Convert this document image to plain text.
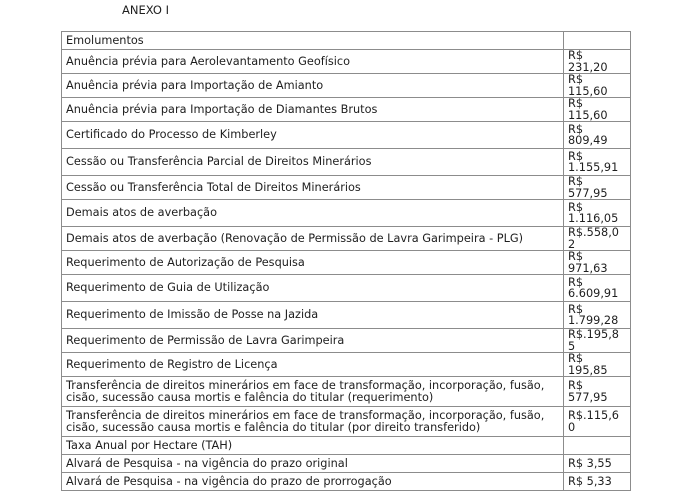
ANEXO I
Emolumentos	
Anuência prévia para Aerolevantamento Geofísico	R$ 231,20
Anuência prévia para Importação de Amianto	R$ 115,60
Anuência prévia para Importação de Diamantes Brutos	R$ 115,60
Certificado do Processo de Kimberley	R$ 809,49
Cessão ou Transferência Parcial de Direitos Minerários	R$ 1.155,91
Cessão ou Transferência Total de Direitos Minerários	R$ 577,95
Demais atos de averbação	R$ 1.116,05
Demais atos de averbação (Renovação de Permissão de Lavra Garimpeira - PLG)	R$.558,02
Requerimento de Autorização de Pesquisa	R$ 971,63
Requerimento de Guia de Utilização	R$ 6.609,91
Requerimento de Imissão de Posse na Jazida	R$ 1.799,28
Requerimento de Permissão de Lavra Garimpeira	R$.195,85
Requerimento de Registro de Licença	R$ 195,85
Transferência de direitos minerários em face de transformação, incorporação, fusão, cisão, sucessão causa mortis e falência do titular (requerimento)	R$ 577,95
Transferência de direitos minerários em face de transformação, incorporação, fusão, cisão, sucessão causa mortis e falência do titular (por direito transferido)	R$.115,60
Taxa Anual por Hectare (TAH)	
Alvará de Pesquisa - na vigência do prazo original	R$ 3,55
Alvará de Pesquisa - na vigência do prazo de prorrogação	R$ 5,33
